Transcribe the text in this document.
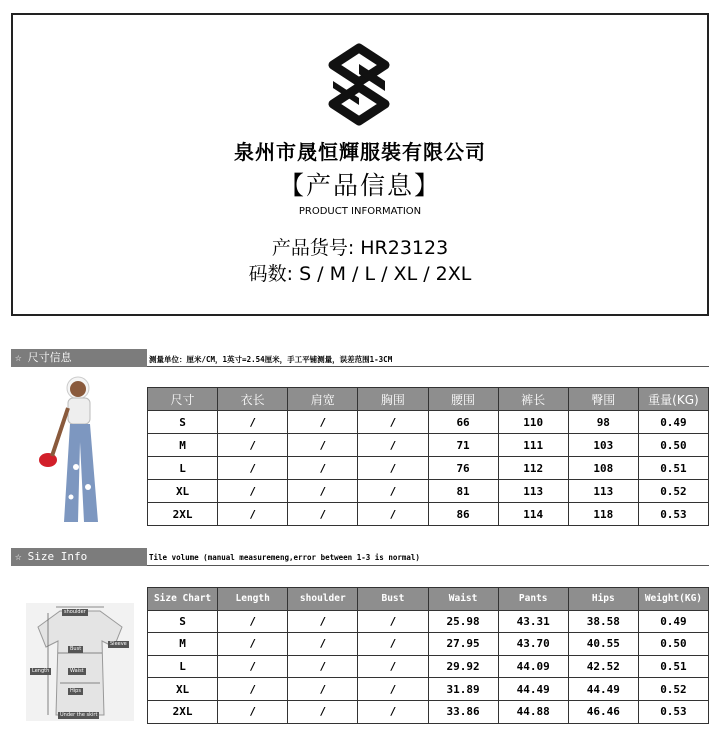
泉州市晟恒輝服裝有限公司
【产品信息】
PRODUCT INFORMATION
产品货号: HR23123
码数: S / M / L / XL / 2XL
☆ 尺寸信息	测量单位：厘米/CM，1英寸=2.54厘米，手工平铺测量，误差范围1-3CM
尺寸	衣长	肩宽	胸围	腰围	裤长	臀围	重量(KG)
S	/	/	/	66	110	98	0.49
M	/	/	/	71	111	103	0.50
L	/	/	/	76	112	108	0.51
XL	/	/	/	81	113	113	0.52
2XL	/	/	/	86	114	118	0.53
☆ Size Info	Tile volume (manual measuremeng,error between 1-3 is normal)
shoulder
Bust
Length
Sleeve
Waist
Hips
Under the skirt
Size Chart	Length	shoulder	Bust	Waist	Pants	Hips	Weight(KG)
S	/	/	/	25.98	43.31	38.58	0.49
M	/	/	/	27.95	43.70	40.55	0.50
L	/	/	/	29.92	44.09	42.52	0.51
XL	/	/	/	31.89	44.49	44.49	0.52
2XL	/	/	/	33.86	44.88	46.46	0.53
